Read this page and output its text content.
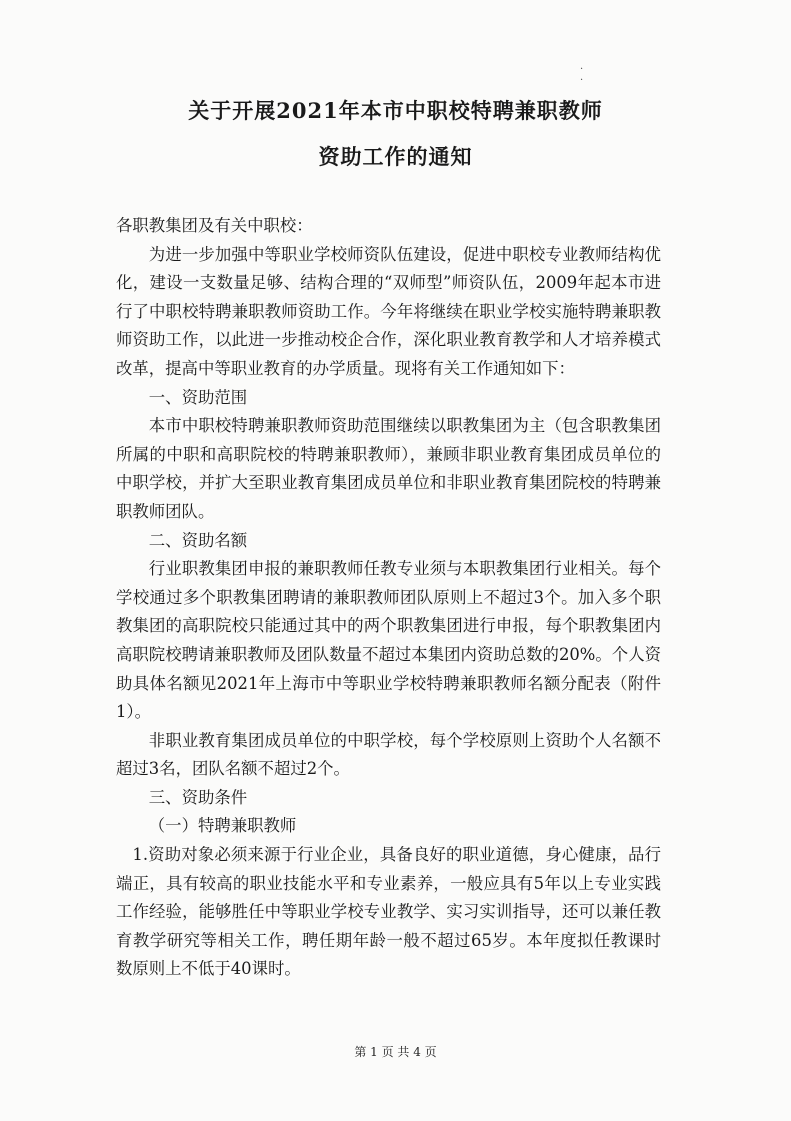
· ·
关于开展2021年本市中职校特聘兼职教师
资助工作的通知

各职教集团及有关中职校：

为进一步加强中等职业学校师资队伍建设，促进中职校专业教师结构优化，建设一支数量足够、结构合理的“双师型”师资队伍，2009年起本市进行了中职校特聘兼职教师资助工作。今年将继续在职业学校实施特聘兼职教师资助工作，以此进一步推动校企合作，深化职业教育教学和人才培养模式改革，提高中等职业教育的办学质量。现将有关工作通知如下：

一、资助范围

本市中职校特聘兼职教师资助范围继续以职教集团为主（包含职教集团所属的中职和高职院校的特聘兼职教师），兼顾非职业教育集团成员单位的中职学校，并扩大至职业教育集团成员单位和非职业教育集团院校的特聘兼职教师团队。

二、资助名额

行业职教集团申报的兼职教师任教专业须与本职教集团行业相关。每个学校通过多个职教集团聘请的兼职教师团队原则上不超过3个。加入多个职教集团的高职院校只能通过其中的两个职教集团进行申报，每个职教集团内高职院校聘请兼职教师及团队数量不超过本集团内资助总数的20%。个人资助具体名额见2021年上海市中等职业学校特聘兼职教师名额分配表（附件1）。

非职业教育集团成员单位的中职学校，每个学校原则上资助个人名额不超过3名，团队名额不超过2个。

三、资助条件

（一）特聘兼职教师

1.资助对象必须来源于行业企业，具备良好的职业道德，身心健康，品行端正，具有较高的职业技能水平和专业素养，一般应具有5年以上专业实践工作经验，能够胜任中等职业学校专业教学、实习实训指导，还可以兼任教育教学研究等相关工作，聘任期年龄一般不超过65岁。本年度拟任教课时数原则上不低于40课时。

第 1 页 共 4 页
